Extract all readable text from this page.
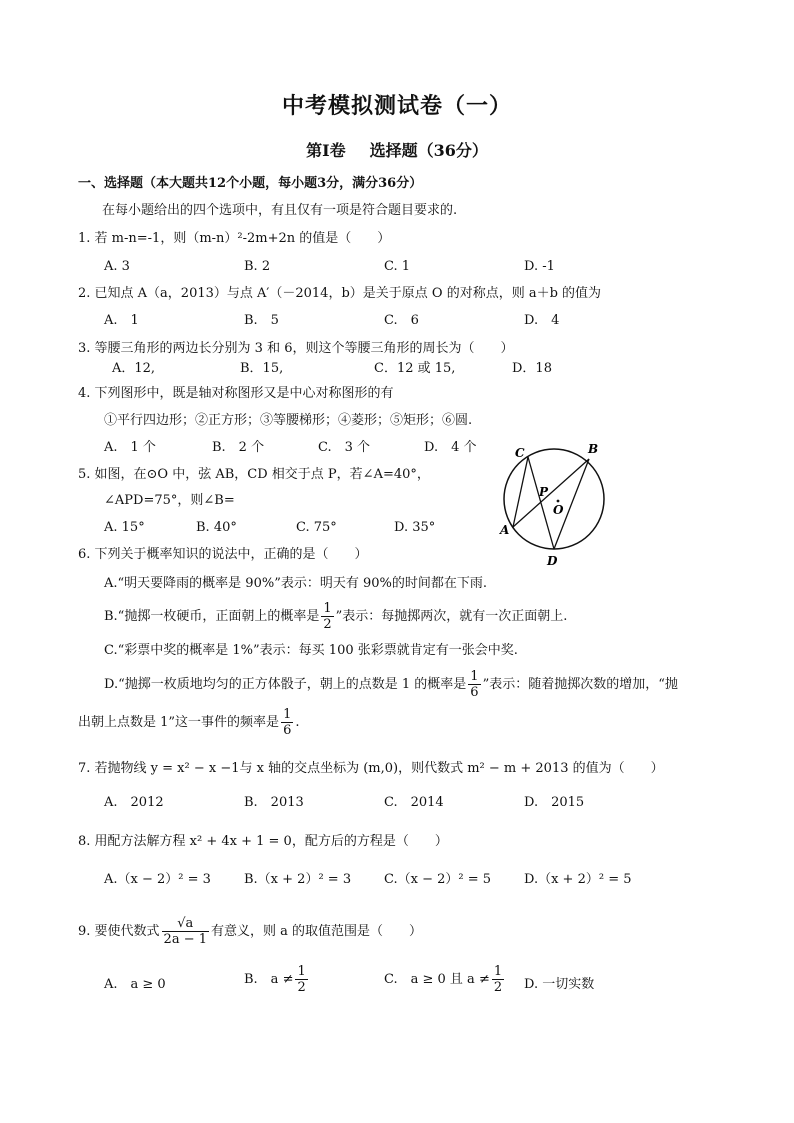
中考模拟测试卷（一）
第Ⅰ卷 选择题（36分）
一、选择题（本大题共12个小题，每小题3分，满分36分）
在每小题给出的四个选项中，有且仅有一项是符合题目要求的.
1. 若 m-n=-1，则（m-n）²-2m+2n 的值是（　　）
A. 3	B. 2	C. 1	D. -1
2. 已知点 A（a，2013）与点 A′（－2014，b）是关于原点 O 的对称点，则 a＋b 的值为
A.　1	B.　5	C.　6	D.　4
3. 等腰三角形的两边长分别为 3 和 6，则这个等腰三角形的周长为（　　）
A．12,	B．15,	C．12 或 15,	D．18
4. 下列图形中，既是轴对称图形又是中心对称图形的有
①平行四边形；②正方形；③等腰梯形；④菱形；⑤矩形；⑥圆.
A.　1 个	B.　2 个	C.　3 个	D.　4 个
5. 如图，在⊙O 中，弦 AB，CD 相交于点 P，若∠A=40°，
∠APD=75°，则∠B=
A. 15°	B. 40°	C. 75°	D. 35°
C	B
P
O
A
D
6. 下列关于概率知识的说法中，正确的是（　　）
A.“明天要降雨的概率是 90%”表示：明天有 90%的时间都在下雨.
B.“抛掷一枚硬币，正面朝上的概率是 $\frac{1}{2}$ ”表示：每抛掷两次，就有一次正面朝上.
C.“彩票中奖的概率是 1%”表示：每买 100 张彩票就肯定有一张会中奖.
D.“抛掷一枚质地均匀的正方体骰子，朝上的点数是 1 的概率是 $\frac{1}{6}$ ”表示：随着抛掷次数的增加，“抛
出朝上点数是 1”这一事件的频率是 $\frac{1}{6}$ .
7. 若抛物线 y = x² − x −1与 x 轴的交点坐标为 (m,0)，则代数式 m² − m + 2013 的值为（　　）
A.　2012	B.　2013	C.　2014	D.　2015
8. 用配方法解方程 x² + 4x + 1 = 0，配方后的方程是（　　）
A.（x − 2）² = 3	B.（x + 2）² = 3	C.（x − 2）² = 5	D.（x + 2）² = 5
9. 要使代数式 $\frac{√a}{2a - 1}$ 有意义，则 a 的取值范围是（　　）
A.　a ≥ 0	B.　$a \ne \frac{1}{2}$	C.　a ≥ 0 且 $a \ne \frac{1}{2} D$. 一切实数
